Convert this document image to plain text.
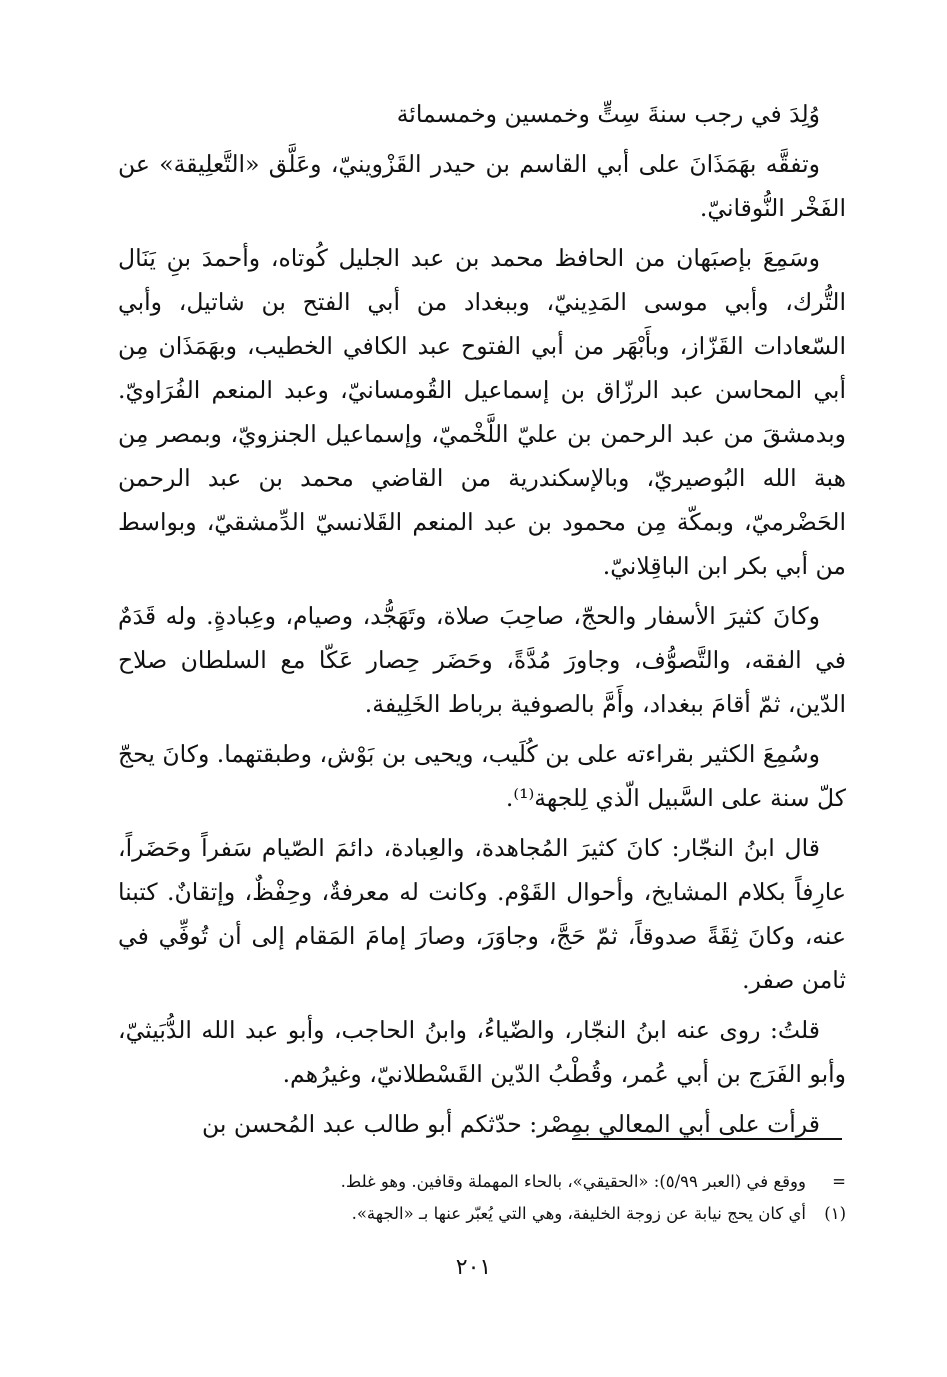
وُلِدَ في رجب سنةَ سِتٍّ وخمسين وخمسمائة

وتفقَّه بهَمَذَانَ على أبي القاسم بن حيدر القَزْوينيّ، وعَلَّق «التَّعلِيقة» عن الفَخْر النُّوقانيّ.

وسَمِعَ بإصبَهان من الحافظ محمد بن عبد الجليل كُوتاه، وأحمدَ بنِ يَنَال التُّرك، وأبي موسى المَدِينيّ، وببغداد من أبي الفتح بن شاتيل، وأبي السّعادات القَزّاز، وبأَبْهَر من أبي الفتوح عبد الكافي الخطيب، وبهَمَذَان مِن أبي المحاسن عبد الرزّاق بن إسماعيل القُومسانيّ، وعبد المنعم الفُرَاويّ. وبدمشقَ من عبد الرحمن بن عليّ اللَّخْميّ، وإسماعيل الجنزويّ، وبمصر مِن هبة الله البُوصيريّ، وبالإسكندرية من القاضي محمد بن عبد الرحمن الحَضْرميّ، وبمكّة مِن محمود بن عبد المنعم القَلانسيّ الدِّمشقيّ، وبواسط من أبي بكر ابن الباقِلانيّ.

وكانَ كثيرَ الأسفار والحجّ، صاحِبَ صلاة، وتَهَجُّد، وصيام، وعِبادةٍ. وله قَدَمٌ في الفقه، والتَّصوُّف، وجاورَ مُدَّةً، وحَضَر حِصار عَكّا مع السلطان صلاح الدّين، ثمّ أقامَ ببغداد، وأَمَّ بالصوفية برباط الخَلِيفة.

وسُمِعَ الكثير بقراءته على بن كُلَيب، ويحيى بن بَوْش، وطبقتهما. وكانَ يحجّ كلّ سنة على السَّبيل الّذي لِلجهة⁽¹⁾.

قال ابنُ النجّار: كانَ كثيرَ المُجاهدة، والعِبادة، دائمَ الصّيام سَفراً وحَضَراً، عارِفاً بكلام المشايخ، وأحوال القَوْم. وكانت له معرفةٌ، وحِفْظٌ، وإتقانٌ. كتبنا عنه، وكانَ ثِقَةً صدوقاً، ثمّ حَجَّ، وجاوَرَ، وصارَ إمامَ المَقام إلى أن تُوفِّي في ثامن صفر.

قلتُ: روى عنه ابنُ النجّار، والضّياءُ، وابنُ الحاجب، وأبو عبد الله الدُّبَيثيّ، وأبو الفَرَج بن أبي عُمر، وقُطْبُ الدّين القَسْطلانيّ، وغيرُهم.

قرأت على أبي المعالي بمِصْر: حدّثكم أبو طالب عبد المُحسن بن

=
ووقع في (العبر ٥/٩٩): «الحقيقي»، بالحاء المهملة وقافين. وهو غلط.
(١)
أي كان يحج نيابة عن زوجة الخليفة، وهي التي يُعبّر عنها بـ «الجهة».
٢٠١
